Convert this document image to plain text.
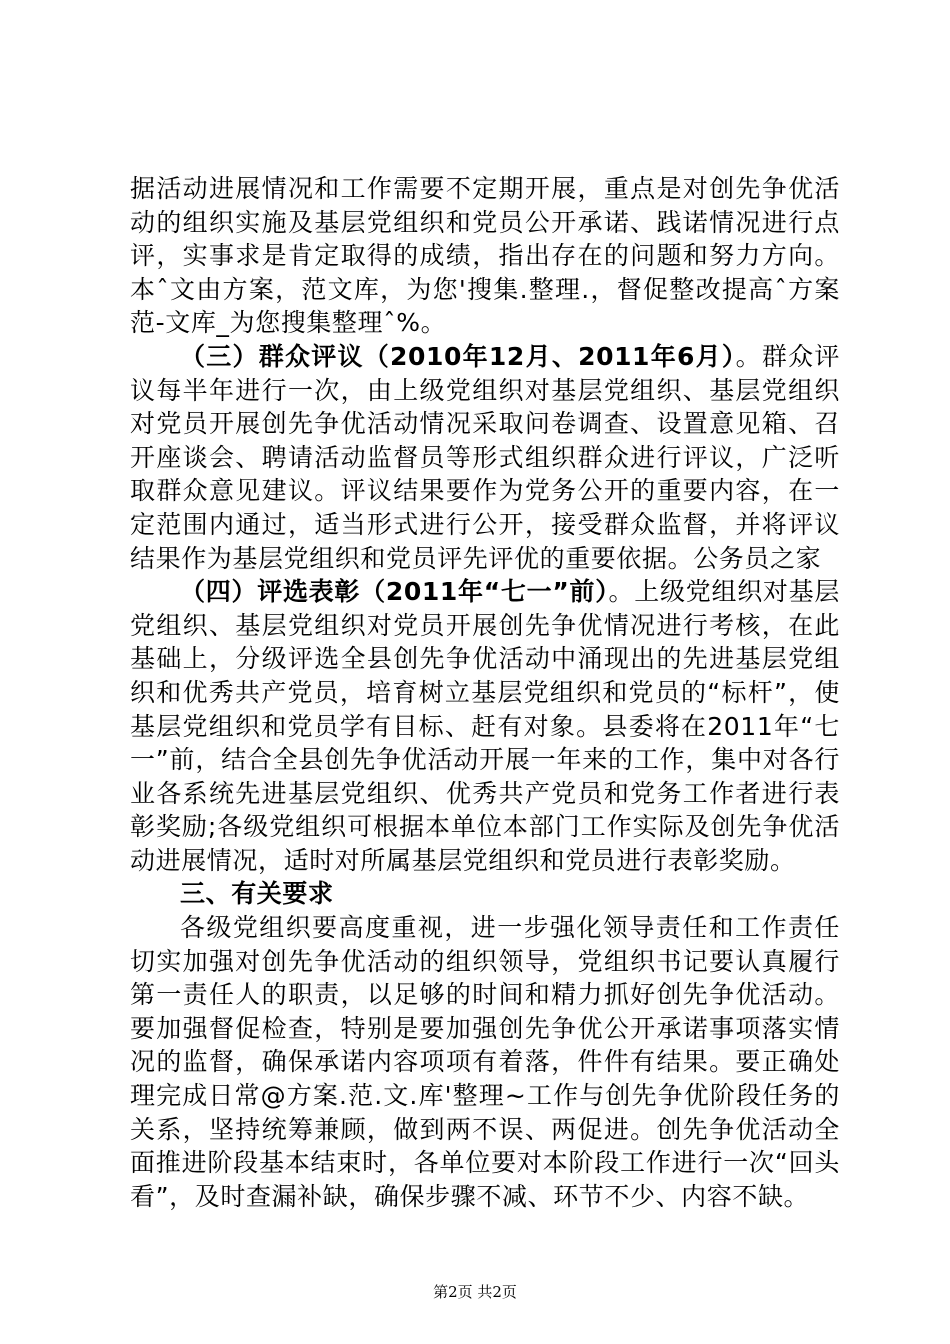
据活动进展情况和工作需要不定期开展，重点是对创先争优活动的组织实施及基层党组织和党员公开承诺、践诺情况进行点评，实事求是肯定取得的成绩，指出存在的问题和努力方向。本ˆ文由方案，范文库，为您'搜集.整理.，督促整改提高ˆ方案范-文库_为您搜集整理ˆ%。

（三）群众评议（2010年12月、2011年6月）。群众评议每半年进行一次，由上级党组织对基层党组织、基层党组织对党员开展创先争优活动情况采取问卷调查、设置意见箱、召开座谈会、聘请活动监督员等形式组织群众进行评议，广泛听取群众意见建议。评议结果要作为党务公开的重要内容，在一定范围内通过，适当形式进行公开，接受群众监督，并将评议结果作为基层党组织和党员评先评优的重要依据。公务员之家

（四）评选表彰（2011年“七一”前）。上级党组织对基层党组织、基层党组织对党员开展创先争优情况进行考核，在此基础上，分级评选全县创先争优活动中涌现出的先进基层党组织和优秀共产党员，培育树立基层党组织和党员的“标杆”，使基层党组织和党员学有目标、赶有对象。县委将在2011年“七一”前，结合全县创先争优活动开展一年来的工作，集中对各行业各系统先进基层党组织、优秀共产党员和党务工作者进行表彰奖励;各级党组织可根据本单位本部门工作实际及创先争优活动进展情况，适时对所属基层党组织和党员进行表彰奖励。

三、有关要求

各级党组织要高度重视，进一步强化领导责任和工作责任切实加强对创先争优活动的组织领导，党组织书记要认真履行第一责任人的职责，以足够的时间和精力抓好创先争优活动。要加强督促检查，特别是要加强创先争优公开承诺事项落实情况的监督，确保承诺内容项项有着落，件件有结果。要正确处理完成日常@方案.范.文.库'整理~工作与创先争优阶段任务的关系，坚持统筹兼顾，做到两不误、两促进。创先争优活动全面推进阶段基本结束时，各单位要对本阶段工作进行一次“回头看”，及时查漏补缺，确保步骤不减、环节不少、内容不缺。

第2页 共2页
